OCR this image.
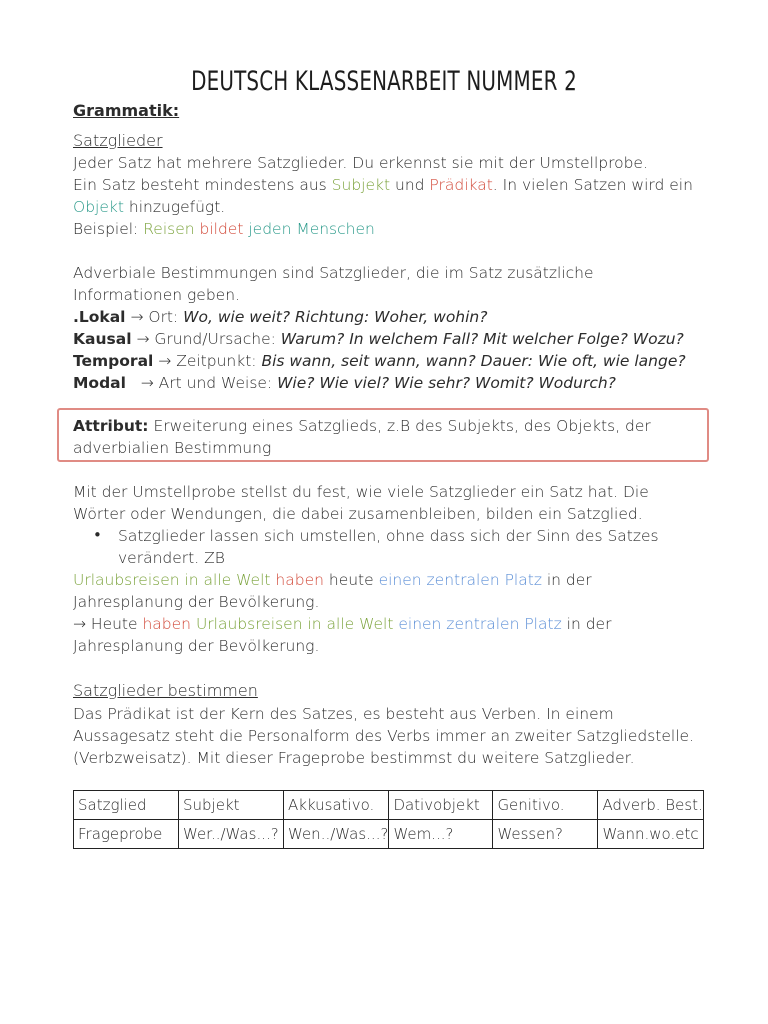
DEUTSCH KLASSENARBEIT NUMMER 2
Grammatik:
Satzglieder
Jeder Satz hat mehrere Satzglieder. Du erkennst sie mit der Umstellprobe.
Ein Satz besteht mindestens aus Subjekt und Prädikat. In vielen Satzen wird ein
Objekt hinzugefügt.
Beispiel: Reisen bildet jeden Menschen
Adverbiale Bestimmungen sind Satzglieder, die im Satz zusätzliche
Informationen geben.
.Lokal → Ort: Wo, wie weit? Richtung: Woher, wohin?
Kausal → Grund/Ursache: Warum? In welchem Fall? Mit welcher Folge? Wozu?
Temporal → Zeitpunkt: Bis wann, seit wann, wann? Dauer: Wie oft, wie lange?
Modal → Art und Weise: Wie? Wie viel? Wie sehr? Womit? Wodurch?
Attribut: Erweiterung eines Satzglieds, z.B des Subjekts, des Objekts, der
adverbialien Bestimmung
Mit der Umstellprobe stellst du fest, wie viele Satzglieder ein Satz hat. Die
Wörter oder Wendungen, die dabei zusamenbleiben, bilden ein Satzglied.
• Satzglieder lassen sich umstellen, ohne dass sich der Sinn des Satzes
verändert. ZB
Urlaubsreisen in alle Welt haben heute einen zentralen Platz in der
Jahresplanung der Bevölkerung.
→ Heute haben Urlaubsreisen in alle Welt einen zentralen Platz in der
Jahresplanung der Bevölkerung.
Satzglieder bestimmen
Das Prädikat ist der Kern des Satzes, es besteht aus Verben. In einem
Aussagesatz steht die Personalform des Verbs immer an zweiter Satzgliedstelle.
(Verbzweisatz). Mit dieser Frageprobe bestimmst du weitere Satzglieder.
Satzglied	Subjekt	Akkusativo.	Dativobjekt	Genitivo.	Adverb. Best.
Frageprobe	Wer../Was...?	Wen../Was...?	Wem...?	Wessen?	Wann.wo.etc
